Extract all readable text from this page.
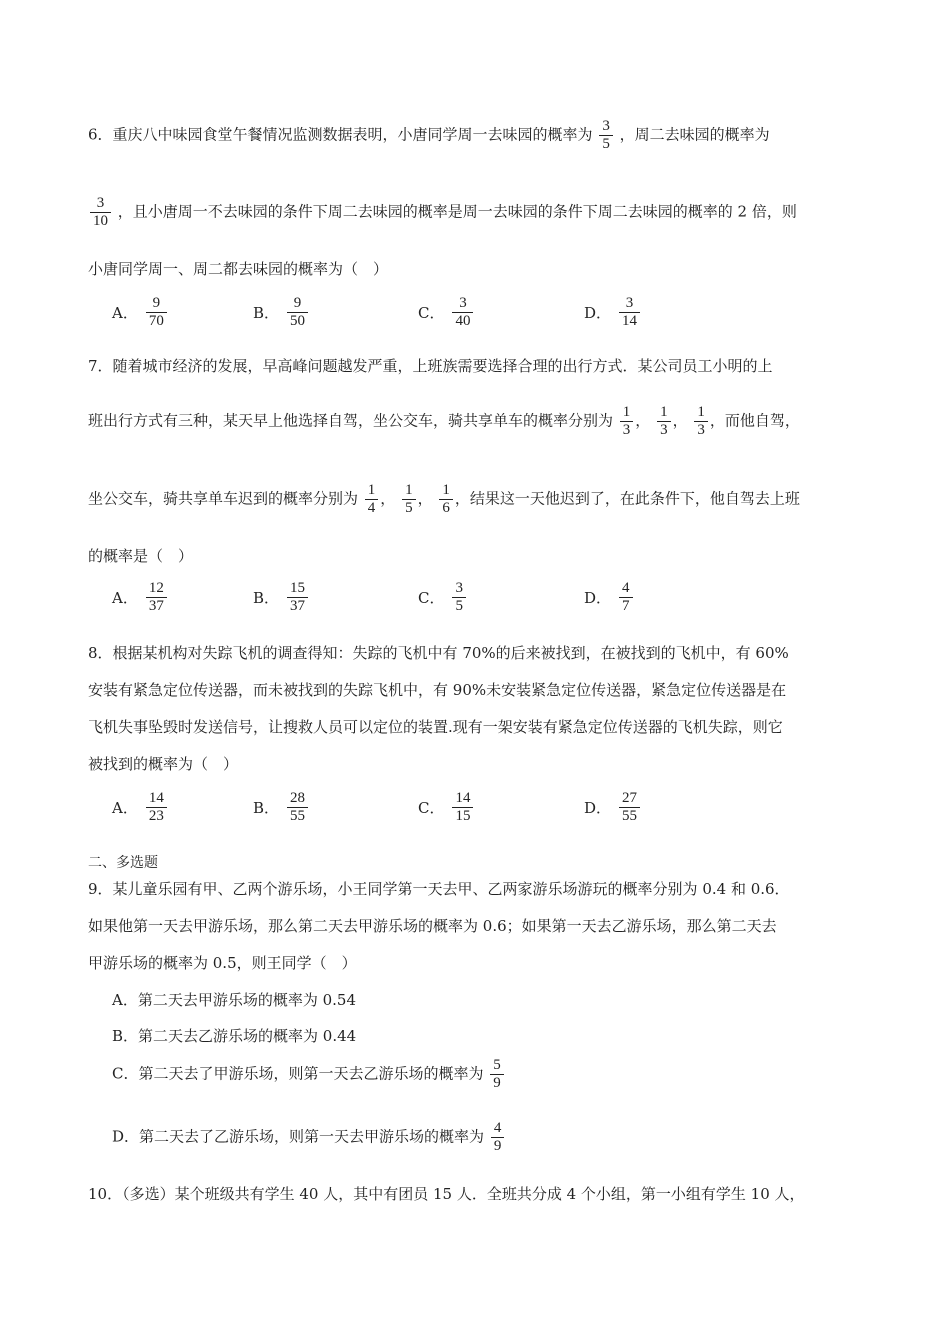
6．重庆八中味园食堂午餐情况监测数据表明，小唐同学周一去味园的概率为 $\frac{3}{5}$ ，周二去味园的概率为
$\frac{3}{10}$ ，且小唐周一不去味园的条件下周二去味园的概率是周一去味园的条件下周二去味园的概率的 2 倍，则
小唐同学周一、周二都去味园的概率为（　）
A． $\frac{9}{70}$	B． $\frac{9}{50}$	C． $\frac{3}{40}$	D． $\frac{3}{14}$
7．随着城市经济的发展，早高峰问题越发严重，上班族需要选择合理的出行方式．某公司员工小明的上
班出行方式有三种，某天早上他选择自驾，坐公交车，骑共享单车的概率分别为 $\frac{1}{3}$ ， $\frac{1}{3}$ ， $\frac{1}{3}$ ，而他自驾，
坐公交车，骑共享单车迟到的概率分别为 $\frac{1}{4}$ ， $\frac{1}{5}$ ， $\frac{1}{6}$ ，结果这一天他迟到了，在此条件下，他自驾去上班
的概率是（　）
A． $\frac{12}{37}$	B． $\frac{15}{37}$	C． $\frac{3}{5}$	D． $\frac{4}{7}$
8．根据某机构对失踪飞机的调查得知：失踪的飞机中有 70%的后来被找到，在被找到的飞机中，有 60%
安装有紧急定位传送器，而未被找到的失踪飞机中，有 90%未安装紧急定位传送器，紧急定位传送器是在
飞机失事坠毁时发送信号，让搜救人员可以定位的装置.现有一架安装有紧急定位传送器的飞机失踪，则它
被找到的概率为（　）
A． $\frac{14}{23}$	B． $\frac{28}{55}$	C． $\frac{14}{15}$	D． $\frac{27}{55}$
二、多选题
9．某儿童乐园有甲、乙两个游乐场，小王同学第一天去甲、乙两家游乐场游玩的概率分别为 0.4 和 0.6．
如果他第一天去甲游乐场，那么第二天去甲游乐场的概率为 0.6；如果第一天去乙游乐场，那么第二天去
甲游乐场的概率为 0.5，则王同学（　）
A．第二天去甲游乐场的概率为 0.54
B．第二天去乙游乐场的概率为 0.44
C．第二天去了甲游乐场，则第一天去乙游乐场的概率为 $\frac{5}{9}$
D．第二天去了乙游乐场，则第一天去甲游乐场的概率为 $\frac{4}{9}$
10．（多选）某个班级共有学生 40 人，其中有团员 15 人．全班共分成 4 个小组，第一小组有学生 10 人，
